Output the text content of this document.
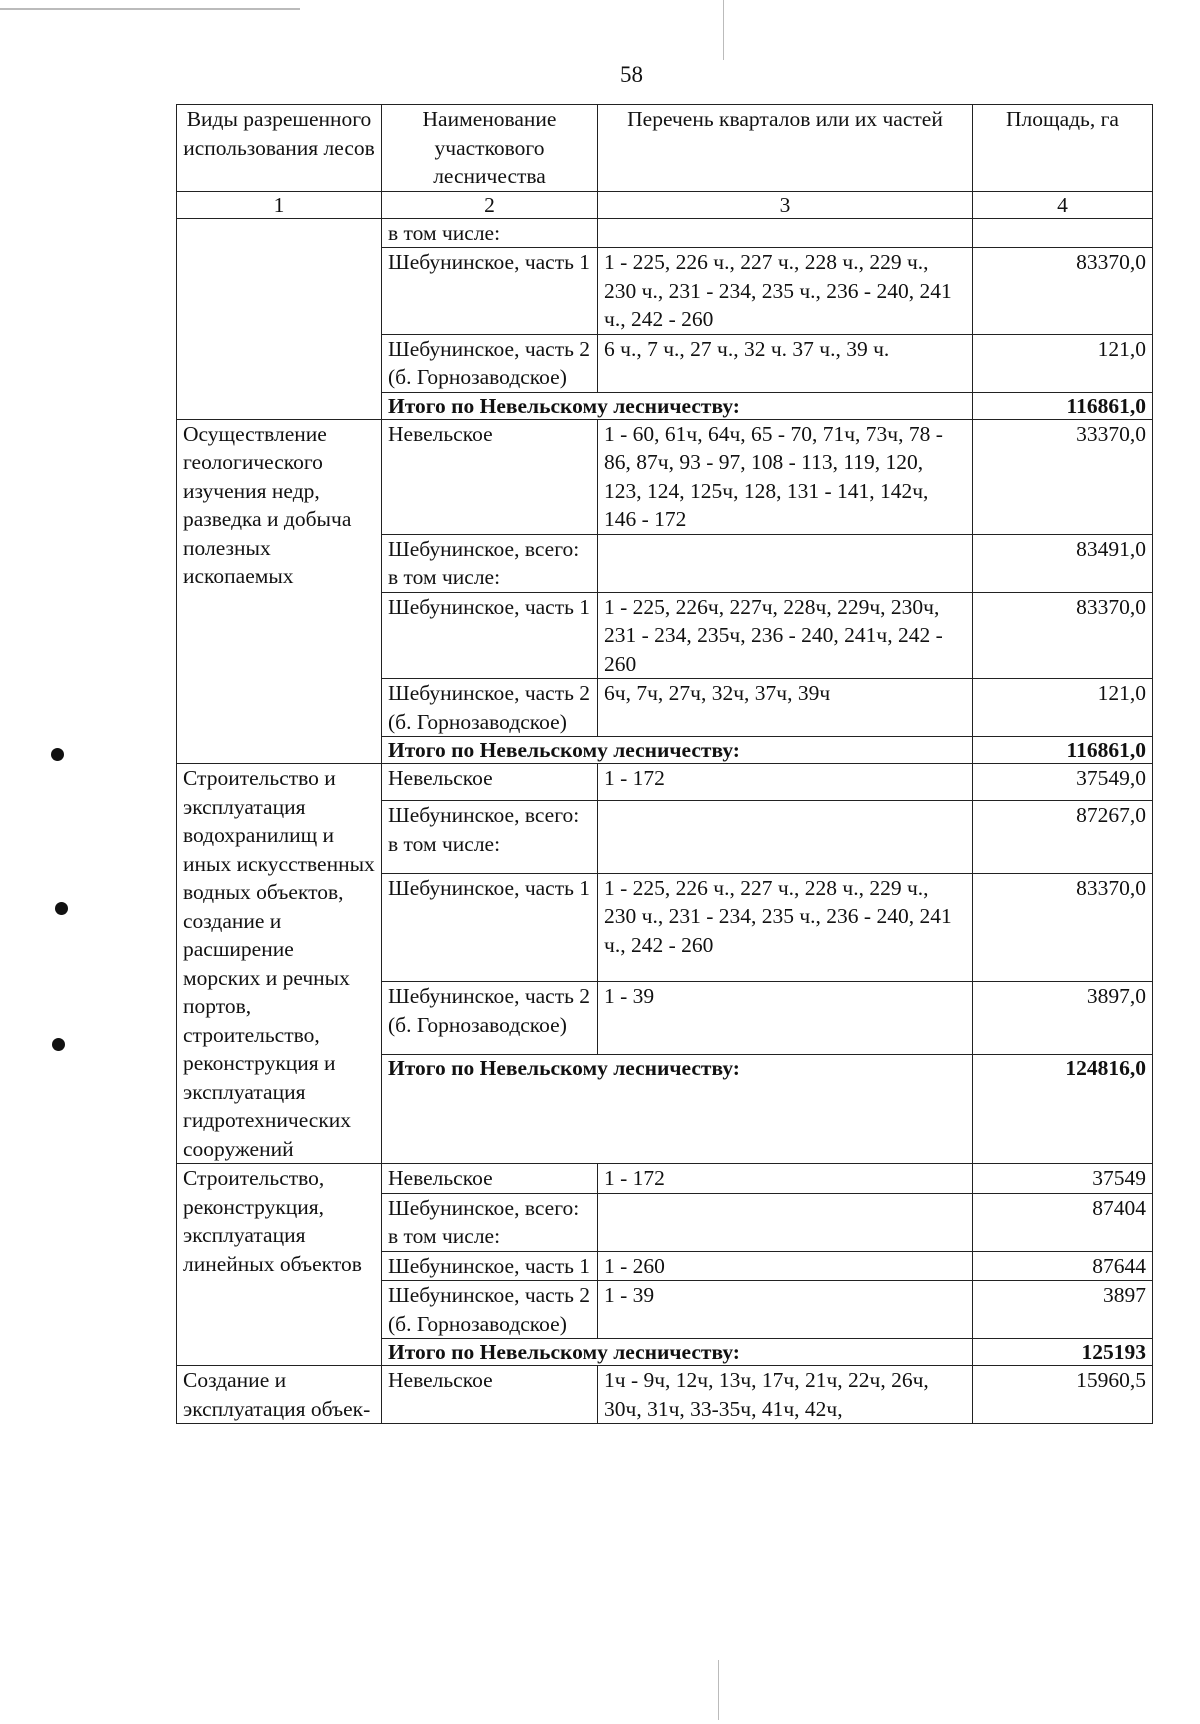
58
Виды разрешенного использования лесов	Наименование участкового лесничества	Перечень кварталов или их частей	Площадь, га
1	2	3	4
	в том числе:		
	Шебунинское, часть 1	1 - 225, 226 ч., 227 ч., 228 ч., 229 ч., 230 ч., 231 - 234, 235 ч., 236 - 240, 241 ч., 242 - 260	83370,0
	Шебунинское, часть 2 (б. Горнозаводское)	6 ч., 7 ч., 27 ч., 32 ч. 37 ч., 39 ч.	121,0
	Итого по Невельскому лесничеству:		116861,0
Осуществление геологического изучения недр, разведка и добыча полезных ископаемых	Невельское	1 - 60, 61ч, 64ч, 65 - 70, 71ч, 73ч, 78 - 86, 87ч, 93 - 97, 108 - 113, 119, 120, 123, 124, 125ч, 128, 131 - 141, 142ч, 146 - 172	33370,0
	Шебунинское, всего: в том числе:		83491,0
	Шебунинское, часть 1	1 - 225, 226ч, 227ч, 228ч, 229ч, 230ч, 231 - 234, 235ч, 236 - 240, 241ч, 242 - 260	83370,0
	Шебунинское, часть 2 (б. Горнозаводское)	6ч, 7ч, 27ч, 32ч, 37ч, 39ч	121,0
	Итого по Невельскому лесничеству:		116861,0
Строительство и эксплуатация водохранилищ и иных искусственных водных объектов, создание и расширение морских и речных портов, строительство, реконструкция и эксплуатация гидротехнических сооружений	Невельское	1 - 172	37549,0
	Шебунинское, всего: в том числе:		87267,0
	Шебунинское, часть 1	1 - 225, 226 ч., 227 ч., 228 ч., 229 ч., 230 ч., 231 - 234, 235 ч., 236 - 240, 241 ч., 242 - 260	83370,0
	Шебунинское, часть 2 (б. Горнозаводское)	1 - 39	3897,0
	Итого по Невельскому лесничеству:		124816,0
Строительство, реконструкция, эксплуатация линейных объектов	Невельское	1 - 172	37549
	Шебунинское, всего: в том числе:		87404
	Шебунинское, часть 1	1 - 260	87644
	Шебунинское, часть 2 (б. Горнозаводское)	1 - 39	3897
	Итого по Невельскому лесничеству:		125193
Создание и эксплуатация объек-	Невельское	1ч - 9ч, 12ч, 13ч, 17ч, 21ч, 22ч, 26ч, 30ч, 31ч, 33-35ч, 41ч, 42ч,	15960,5
